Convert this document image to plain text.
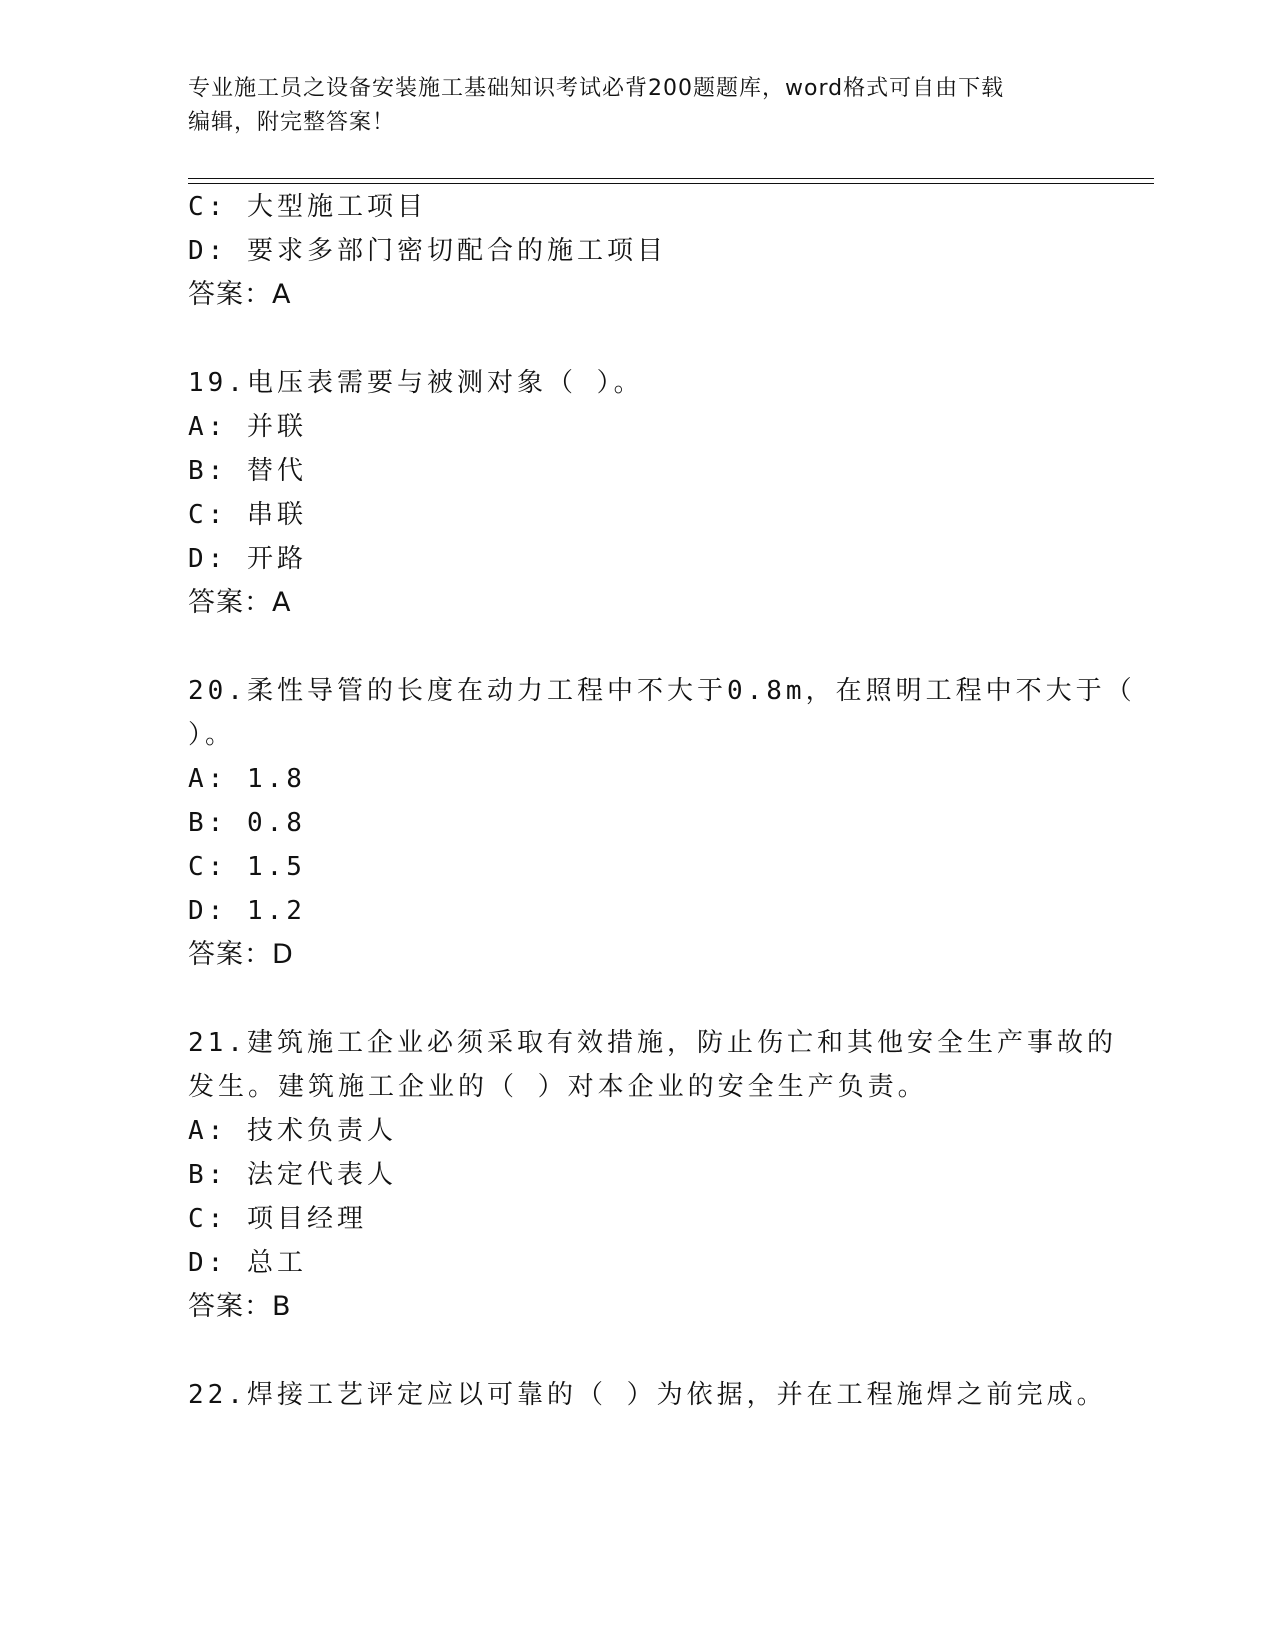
专业施工员之设备安装施工基础知识考试必背200题题库，word格式可自由下载
编辑，附完整答案！
C: 大型施工项目
D: 要求多部门密切配合的施工项目
答案：A
19.电压表需要与被测对象（ ）。
A: 并联
B: 替代
C: 串联
D: 开路
答案：A
20.柔性导管的长度在动力工程中不大于0.8m，在照明工程中不大于（
）。
A: 1.8
B: 0.8
C: 1.5
D: 1.2
答案：D
21.建筑施工企业必须采取有效措施，防止伤亡和其他安全生产事故的
发生。建筑施工企业的（ ）对本企业的安全生产负责。
A: 技术负责人
B: 法定代表人
C: 项目经理
D: 总工
答案：B
22.焊接工艺评定应以可靠的（ ）为依据，并在工程施焊之前完成。
